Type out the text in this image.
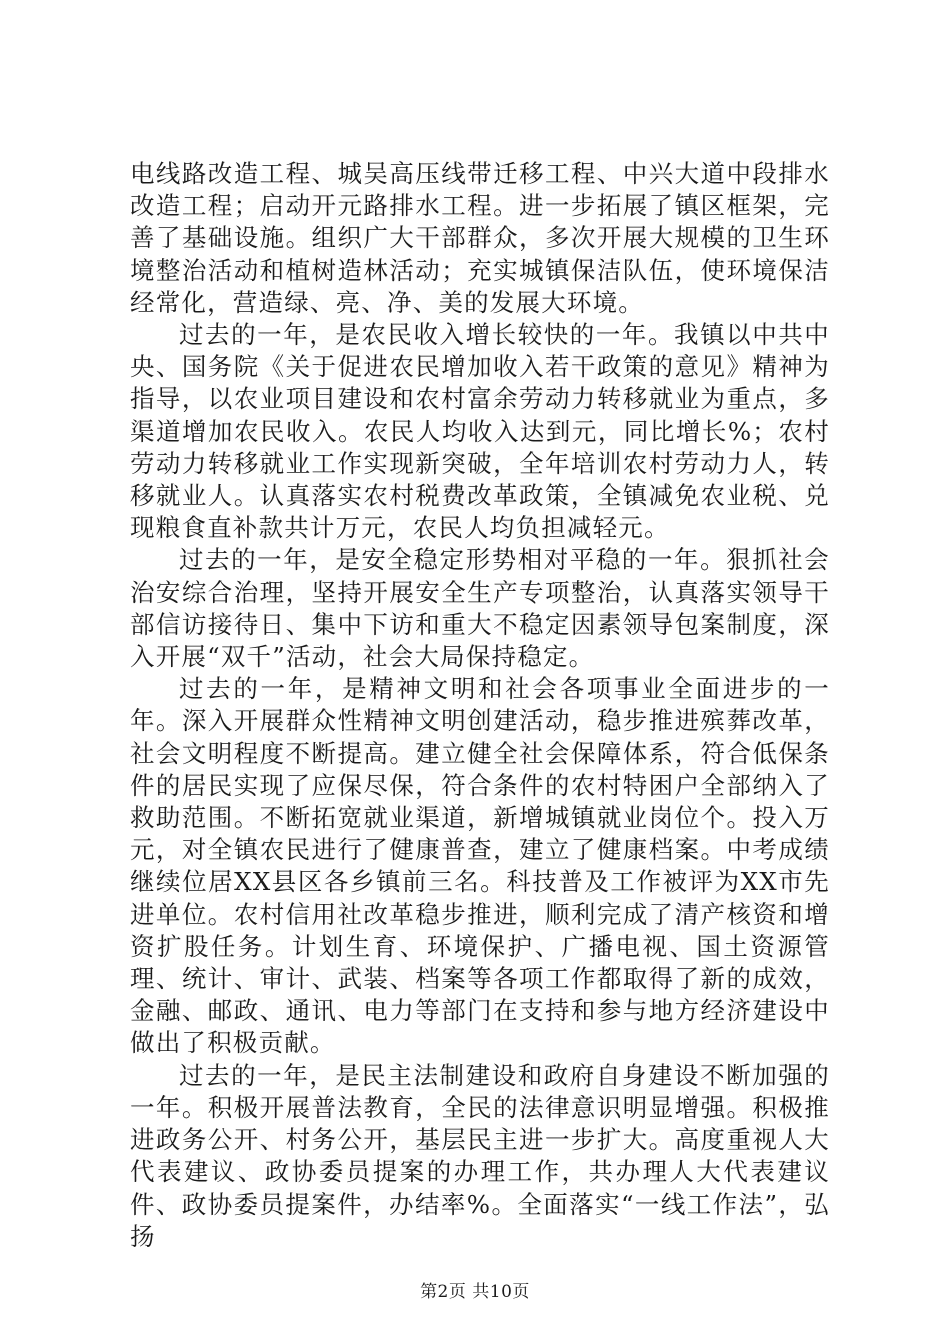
电线路改造工程、城吴高压线带迁移工程、中兴大道中段排水改造工程；启动开元路排水工程。进一步拓展了镇区框架，完善了基础设施。组织广大干部群众，多次开展大规模的卫生环境整治活动和植树造林活动；充实城镇保洁队伍，使环境保洁经常化，营造绿、亮、净、美的发展大环境。

过去的一年，是农民收入增长较快的一年。我镇以中共中央、国务院《关于促进农民增加收入若干政策的意见》精神为指导，以农业项目建设和农村富余劳动力转移就业为重点，多渠道增加农民收入。农民人均收入达到元，同比增长%；农村劳动力转移就业工作实现新突破，全年培训农村劳动力人，转移就业人。认真落实农村税费改革政策，全镇减免农业税、兑现粮食直补款共计万元，农民人均负担减轻元。

过去的一年，是安全稳定形势相对平稳的一年。狠抓社会治安综合治理，坚持开展安全生产专项整治，认真落实领导干部信访接待日、集中下访和重大不稳定因素领导包案制度，深入开展“双千”活动，社会大局保持稳定。

过去的一年，是精神文明和社会各项事业全面进步的一年。深入开展群众性精神文明创建活动，稳步推进殡葬改革，社会文明程度不断提高。建立健全社会保障体系，符合低保条件的居民实现了应保尽保，符合条件的农村特困户全部纳入了救助范围。不断拓宽就业渠道，新增城镇就业岗位个。投入万元，对全镇农民进行了健康普查，建立了健康档案。中考成绩继续位居XX县区各乡镇前三名。科技普及工作被评为XX市先进单位。农村信用社改革稳步推进，顺利完成了清产核资和增资扩股任务。计划生育、环境保护、广播电视、国土资源管理、统计、审计、武装、档案等各项工作都取得了新的成效，金融、邮政、通讯、电力等部门在支持和参与地方经济建设中做出了积极贡献。

过去的一年，是民主法制建设和政府自身建设不断加强的一年。积极开展普法教育，全民的法律意识明显增强。积极推进政务公开、村务公开，基层民主进一步扩大。高度重视人大代表建议、政协委员提案的办理工作，共办理人大代表建议件、政协委员提案件，办结率%。全面落实“一线工作法”，弘扬

第2页 共10页
